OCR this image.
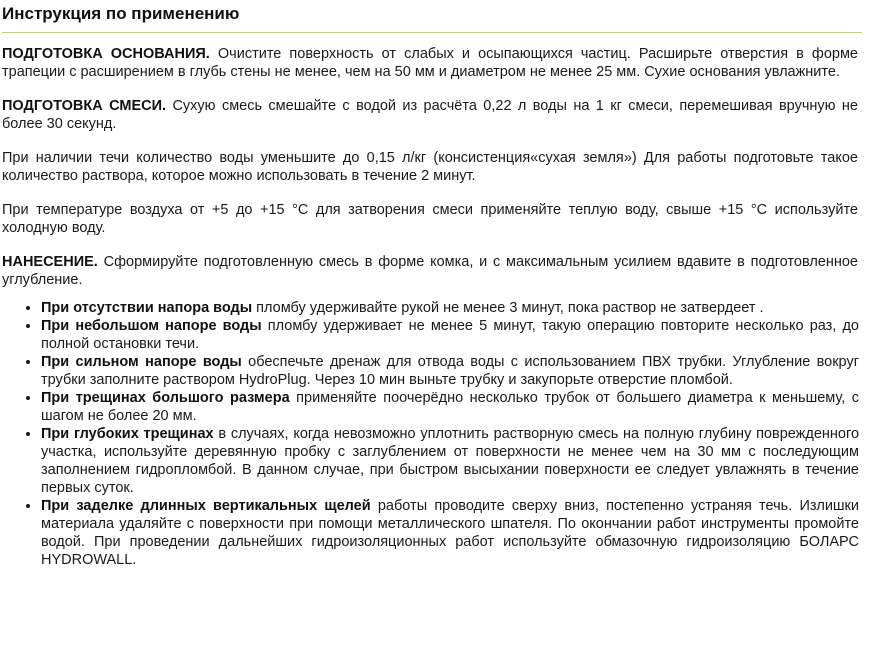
Инструкция по применению

ПОДГОТОВКА ОСНОВАНИЯ. Очистите поверхность от слабых и осыпающихся частиц. Расширьте отверстия в форме трапеции с расширением в глубь стены не менее, чем на 50 мм и диаметром не менее 25 мм. Сухие основания увлажните.

ПОДГОТОВКА СМЕСИ. Сухую смесь смешайте с водой из расчёта 0,22 л воды на 1 кг смеси, перемешивая вручную не более 30 секунд.

При наличии течи количество воды уменьшите до 0,15 л/кг (консистенция«сухая земля») Для работы подготовьте такое количество раствора, которое можно использовать в течение 2 минут.

При температуре воздуха от +5 до +15 °С для затворения смеси применяйте теплую воду, свыше +15 °С используйте холодную воду.

НАНЕСЕНИЕ. Сформируйте подготовленную смесь в форме комка, и с максимальным усилием вдавите в подготовленное углубление.

• При отсутствии напора воды пломбу удерживайте рукой не менее 3 минут, пока раствор не затвердеет .
• При небольшом напоре воды пломбу удерживает не менее 5 минут, такую операцию повторите несколько раз, до полной остановки течи.
• При сильном напоре воды обеспечьте дренаж для отвода воды с использованием ПВХ трубки. Углубление вокруг трубки заполните раствором HydroPlug. Через 10 мин выньте трубку и закупорьте отверстие пломбой.
• При трещинах большого размера применяйте поочерёдно несколько трубок от большего диаметра к меньшему, с шагом не более 20 мм.
• При глубоких трещинах в случаях, когда невозможно уплотнить растворную смесь на полную глубину поврежденного участка, используйте деревянную пробку с заглублением от поверхности не менее чем на 30 мм с последующим заполнением гидропломбой. В данном случае, при быстром высыхании поверхности ее следует увлажнять в течение первых суток.
• При заделке длинных вертикальных щелей работы проводите сверху вниз, постепенно устраняя течь. Излишки материала удаляйте с поверхности при помощи металлического шпателя. По окончании работ инструменты промойте водой. При проведении дальнейших гидроизоляционных работ используйте обмазочную гидроизоляцию БОЛАРС HYDROWALL.
